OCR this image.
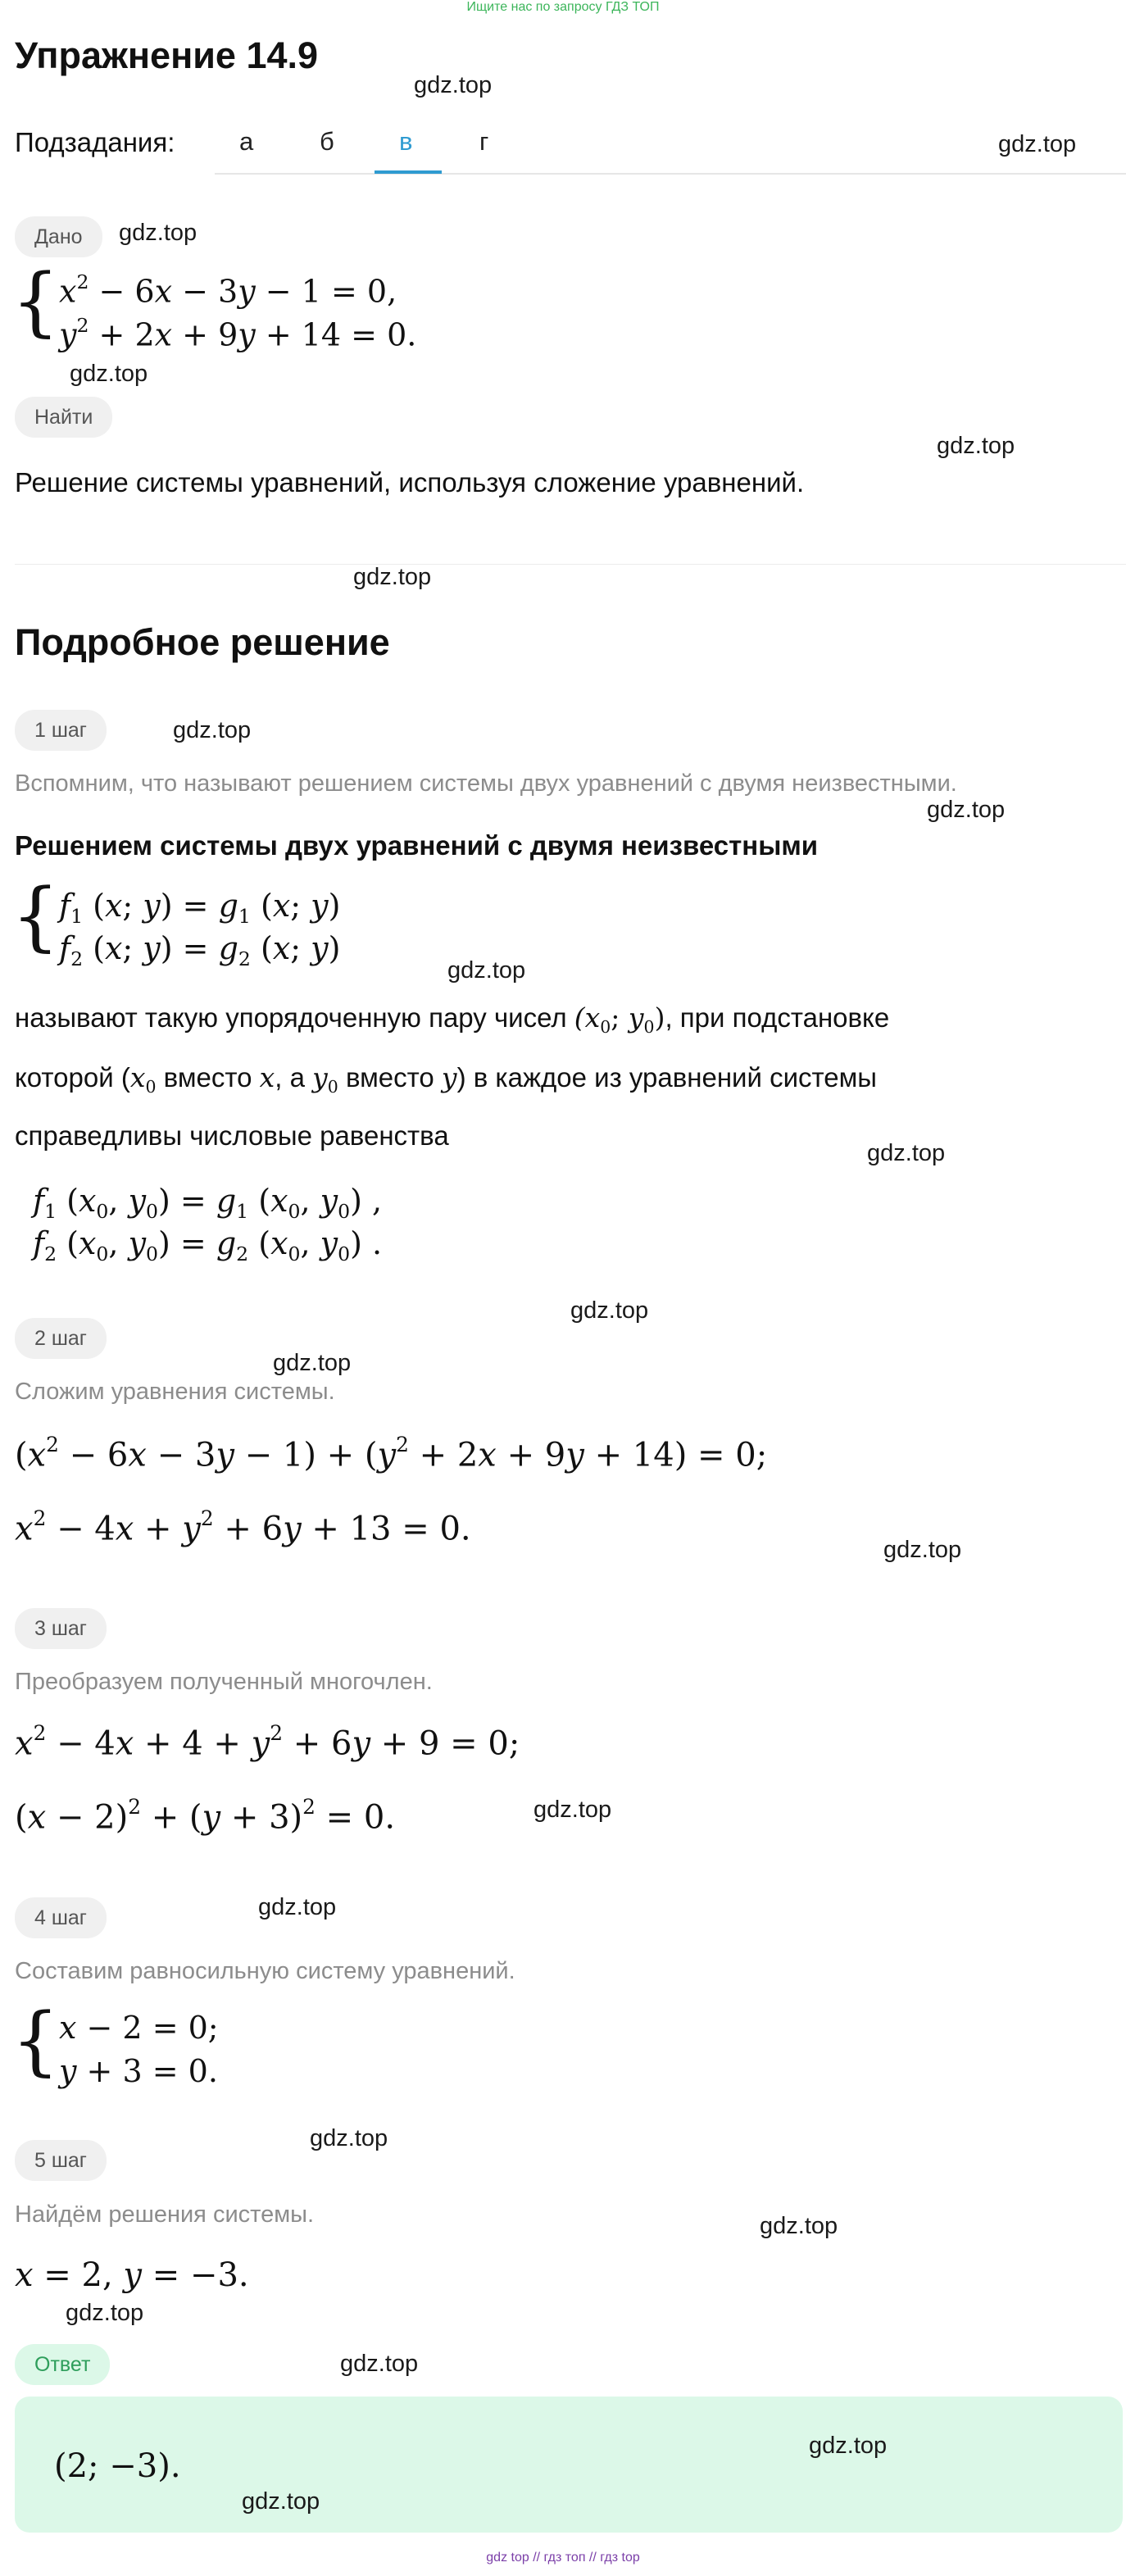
Ищите нас по запросу ГДЗ ТОП
Упражнение 14.9
Подзадания:	а	б	в	г
Дано
{ $x^2 - 6x - 3y - 1 = 0$,
$y^2 + 2x + 9y + 14 = 0$.
Найти
Решение системы уравнений, используя сложение уравнений.
Подробное решение
1 шаг
Вспомним, что называют решением системы двух уравнений с двумя неизвестными.
Решением системы двух уравнений с двумя неизвестными
{ $f_1$ (x; $y) = g_1$ (x; y)
$f_2$ (x; $y) = g_2$ (x; y)
называют такую упорядоченную пару чисел ($x_0$; $y_0$), при подстановке
которой ($x_0$ вместо x, а $y_0$ вместо y) в каждое из уравнений системы
справедливы числовые равенства
$f_1$ ($x_0$, $y_0) = g_1$ ($x_0$, $y_0$) ,
$f_2$ ($x_0$, $y_0) = g_2$ ($x_0$, $y_0$) .
2 шаг
Сложим уравнения системы.
$(x^2 - 6x - 3y - 1) + (y^2 + 2x + 9y + 14) = 0$;
$x^2 - 4x + y^2 + 6y + 13 = 0$.
3 шаг
Преобразуем полученный многочлен.
$x^2 - 4x + 4 + y^2 + 6y + 9 = 0$;
$(x - 2)^2 + (y + 3)^2 = 0$.
4 шаг
Составим равносильную систему уравнений.
{ x − 2 = 0;
y + 3 = 0.
5 шаг
Найдём решения системы.
x = 2, y = −3.
Ответ
(2; −3).
gdz.top
gdz.top
gdz.top
gdz.top
gdz.top
gdz.top
gdz.top
gdz.top
gdz.top
gdz.top
gdz.top
gdz.top
gdz.top
gdz.top
gdz.top
gdz.top
gdz.top
gdz.top
gdz.top
gdz.top
gdz.top
gdz top // гдз топ // гдз top
